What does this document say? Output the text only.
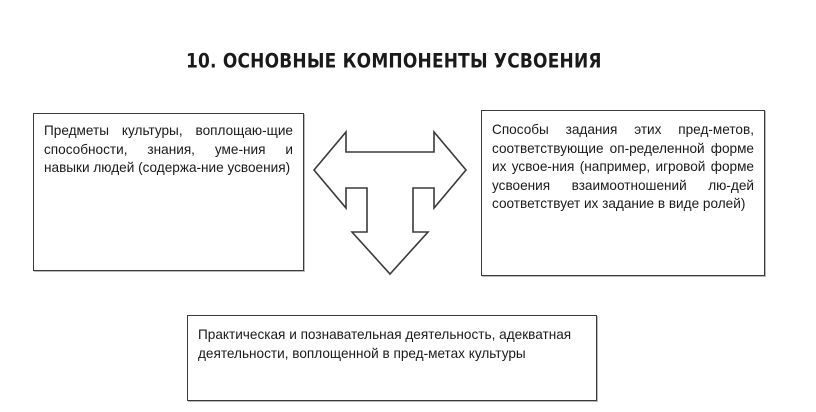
10. ОСНОВНЫЕ КОМПОНЕНТЫ УСВОЕНИЯ
Предметы культуры, воплощаю-щие способности, знания, уме-ния и навыки людей (содержа-ние усвоения)
Способы задания этих пред-метов, соответствующие оп-ределенной форме их усвое-ния (например, игровой форме усвоения взаимоотношений лю-дей соответствует их задание в виде ролей)
Практическая и познавательная деятельность, адекватная деятельности, воплощенной в пред-метах культуры
